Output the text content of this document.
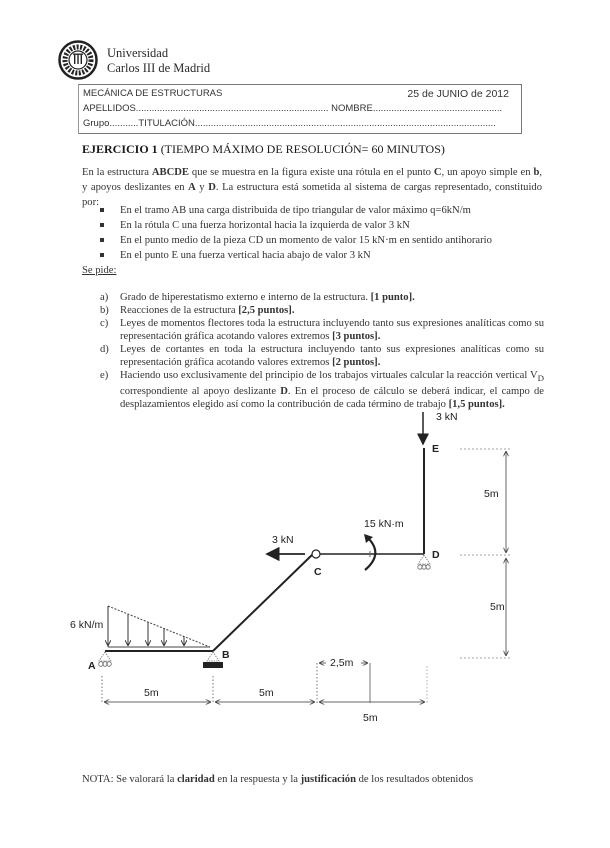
Universidad
Carlos III de Madrid
MECÁNICA DE ESTRUCTURAS	25 de JUNIO de 2012
APELLIDOS......................................................................... NOMBRE.................................................
Grupo...........TITULACIÓN..................................................................................................................
EJERCICIO 1 (TIEMPO MÁXIMO DE RESOLUCIÓN= 60 MINUTOS)
En la estructura ABCDE que se muestra en la figura existe una rótula en el punto C, un apoyo simple en b, y apoyos deslizantes en A y D. La estructura está sometida al sistema de cargas representado, constituido por:
En el tramo AB una carga distribuida de tipo triangular de valor máximo q=6kN/m
En la rótula C una fuerza horizontal hacia la izquierda de valor 3 kN
En el punto medio de la pieza CD un momento de valor 15 kN·m en sentido antihorario
En el punto E una fuerza vertical hacia abajo de valor 3 kN
Se pide:
a) Grado de hiperestatismo externo e interno de la estructura. [1 punto].
b) Reacciones de la estructura [2,5 puntos].
c) Leyes de momentos flectores toda la estructura incluyendo tanto sus expresiones analíticas como su representación gráfica acotando valores extremos [3 puntos].
d) Leyes de cortantes en toda la estructura incluyendo tanto sus expresiones analíticas como su representación gráfica acotando valores extremos [2 puntos].
e) Haciendo uso exclusivamente del principio de los trabajos virtuales calcular la reacción vertical $V_D$ correspondiente al apoyo deslizante D. En el proceso de cálculo se deberá indicar, el campo de desplazamientos elegido así como la contribución de cada término de trabajo [1,5 puntos].
6 kN/m
A
B
D
C
E
3 kN
3 kN
15 kN·m
5m
5m
5m	5m
2,5m
5m
NOTA: Se valorará la claridad en la respuesta y la justificación de los resultados obtenidos
